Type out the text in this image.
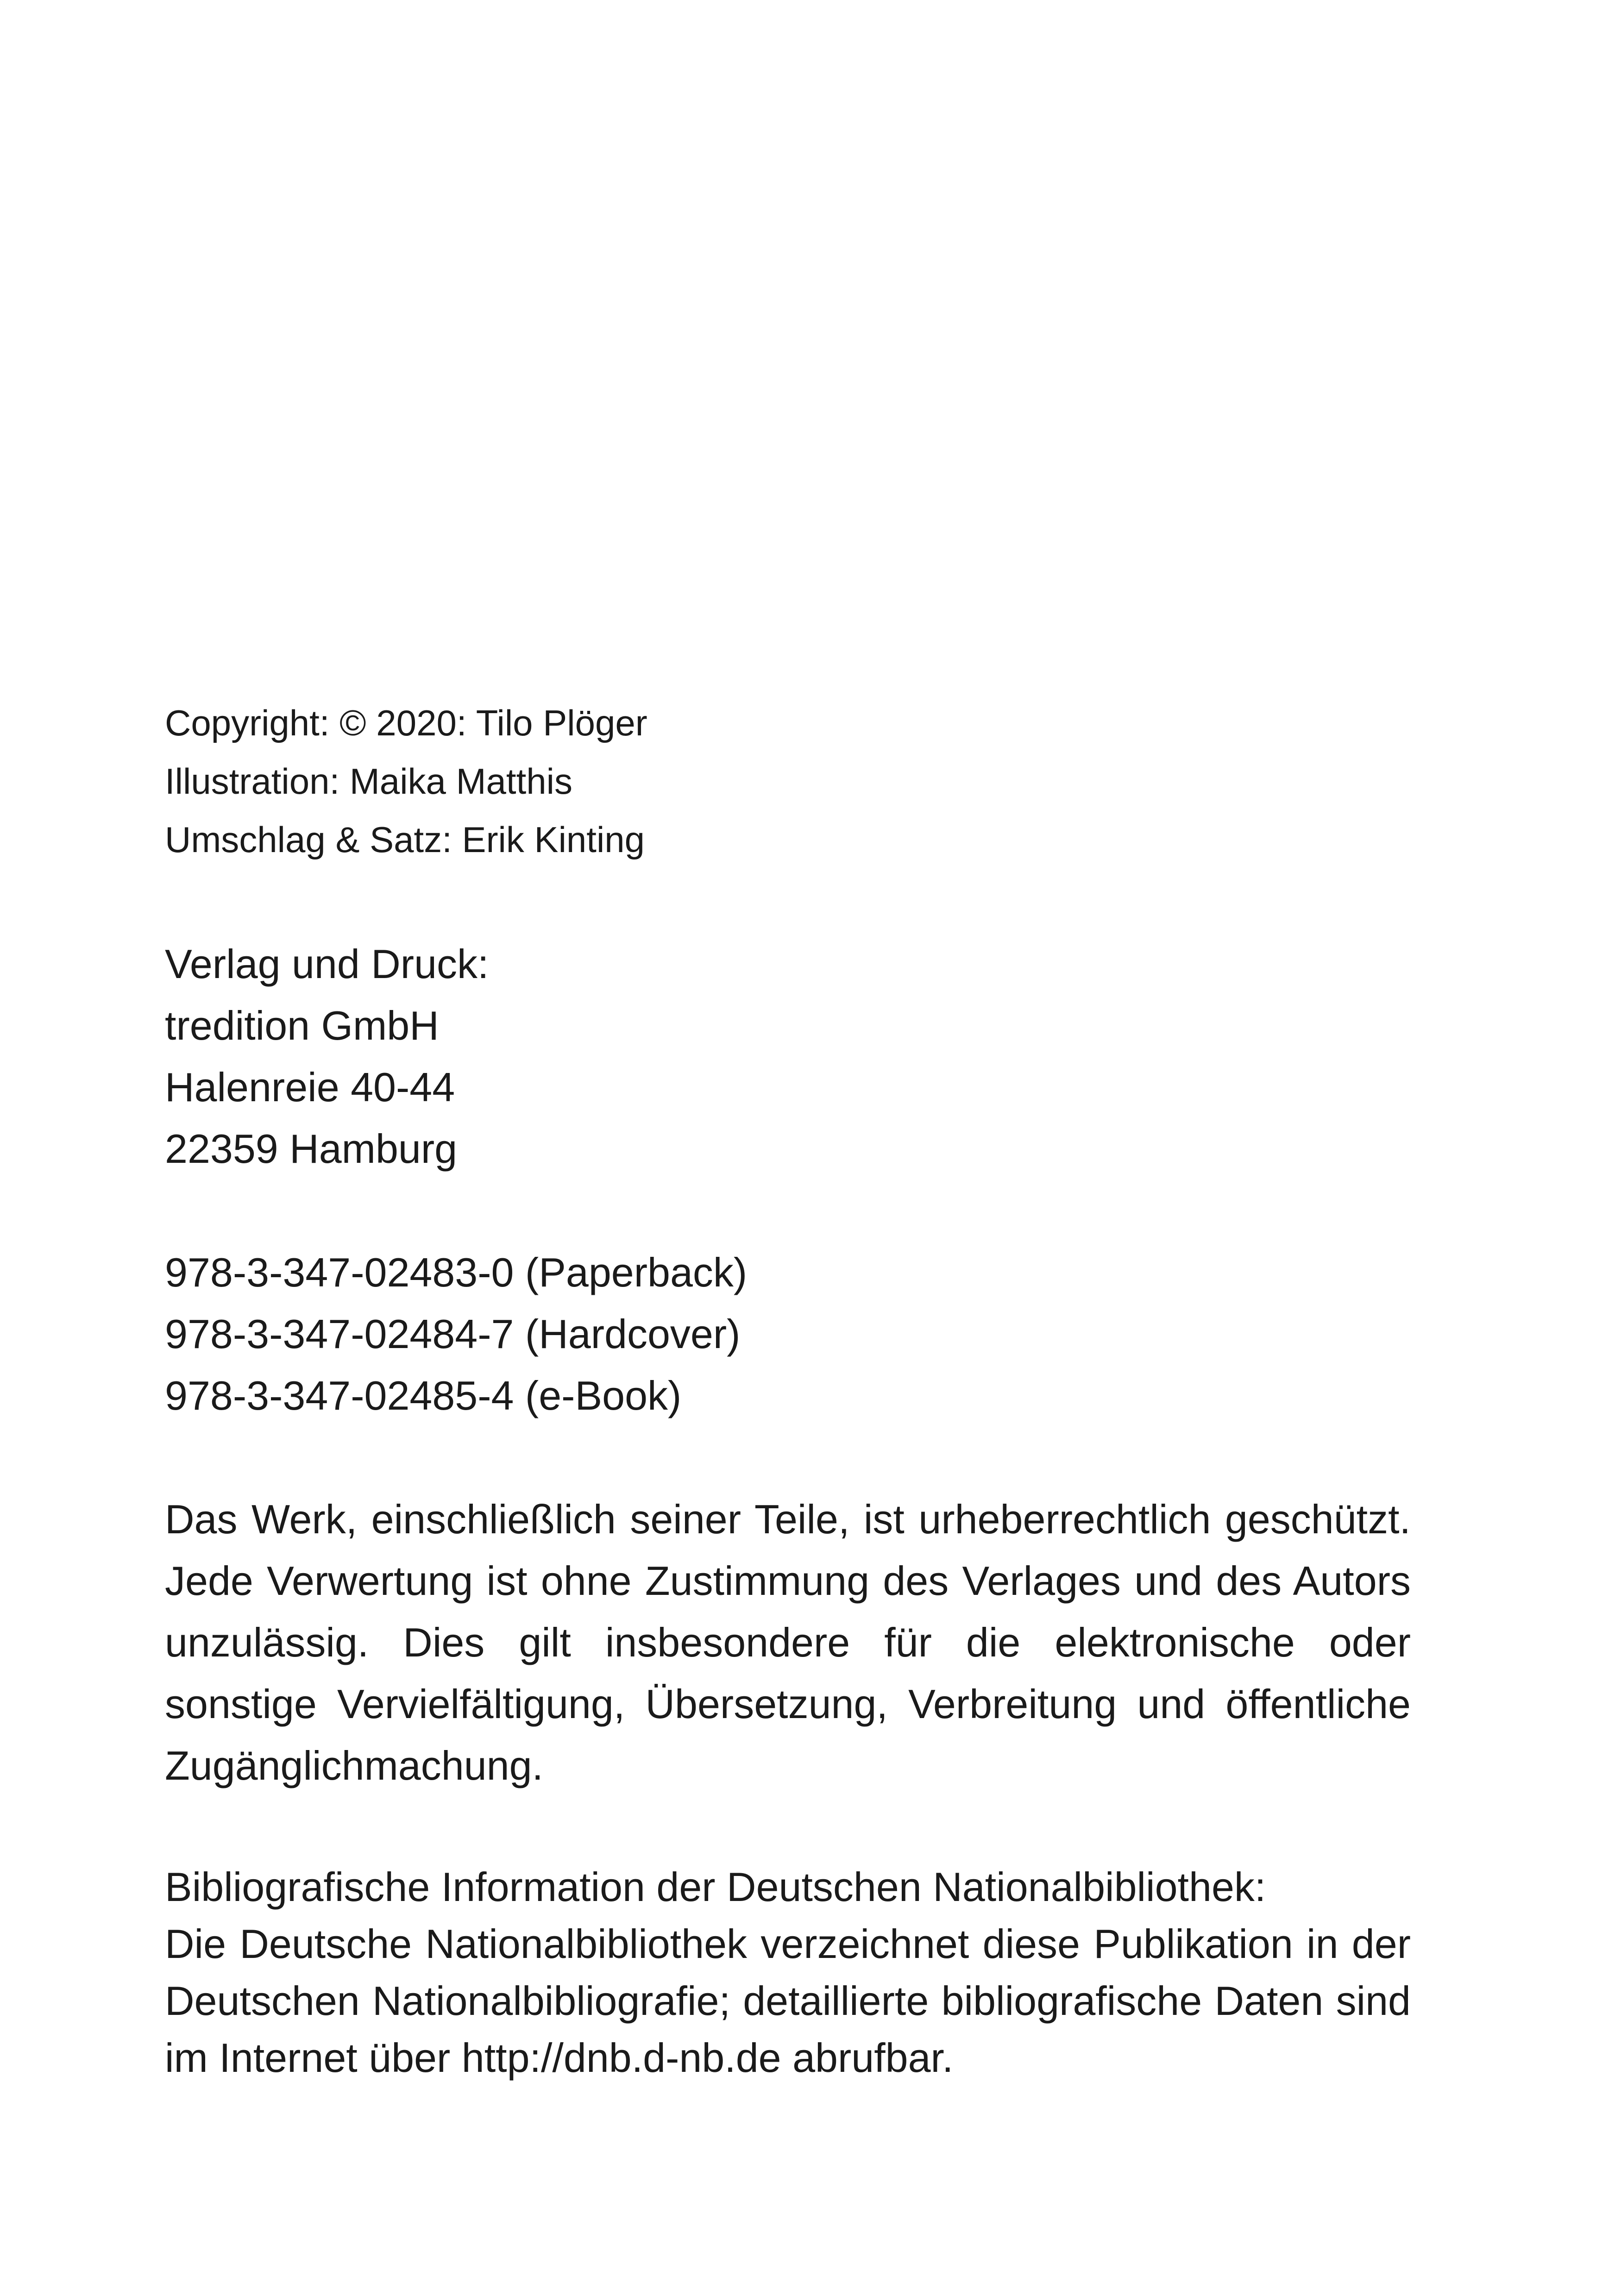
Copyright: © 2020: Tilo Plöger
Illustration: Maika Matthis
Umschlag & Satz: Erik Kinting
Verlag und Druck:
tredition GmbH
Halenreie 40-44
22359 Hamburg
978-3-347-02483-0 (Paperback)
978-3-347-02484-7 (Hardcover)
978-3-347-02485-4 (e-Book)
Das Werk, einschließlich seiner Teile, ist urheberrechtlich geschützt. Jede Verwertung ist ohne Zustimmung des Verlages und des Autors unzulässig. Dies gilt insbesondere für die elektronische oder sonstige Vervielfältigung, Übersetzung, Verbreitung und öffentliche Zugänglichmachung.
Bibliografische Information der Deutschen Nationalbibliothek:
Die Deutsche Nationalbibliothek verzeichnet diese Publikation in der Deutschen Nationalbibliografie; detaillierte bibliografische Daten sind im Internet über http://dnb.d-nb.de abrufbar.
